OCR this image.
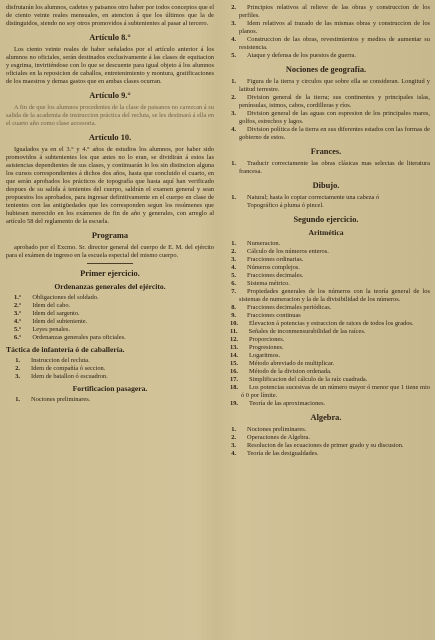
disfrutarán los alumnos, cadetes y paisanos otro haber por todos conceptos que el de ciento veinte reales mensuales, en atencion á que los últimos que la de distinguidos, siendo no soy otros promovidos á subtenientes al pasar al tercero.

Artículo 8.°

Los ciento veinte reales de haber señalados por el artículo anterior á los alumnos no oficiales, serán destinados exclusivamente á las clases de equitacion y esgrima, invirtiéndose con lo que se descuente para igual objeto á los alumnos oficiales en la reposicion de caballos, entretenimiento y montura, gratificaciones de los maestros y demas gastos que en ambas clases ocurran.

Artículo 9.°

A fin de que los alumnos procedentes de la clase de paisanos no carezcan á su salida de la academia de instruccion práctica del recluta, se les destinará á ella en el cuarto año como clase accesoria.

Artículo 10.

Igualados ya en el 3.° y 4.° años de estudios los alumnos, por haber sido promovidos á subtenientes los que antes no lo eran, se dividirán á estos las asistencias dependientes de sus clases, y continuarán lo los sin distincion alguna los cursos correspondientes á dichos dos años, hasta que concluido el cuarto, en que serán aprobados los prácticos de topografía que hasta aquí han verificado despues de su salida á tenientes del cuerpo, saldrán el examen general y sean propuestos los aprobados, para ingresar definitivamente en el cuerpo en clase de tenientes con las antigüedades que les corresponden segun los resúmenes que hubiesen merecido en los exámenes de fin de año y generales, con arreglo al artículo 58 del reglamento de la escuela.

Programa

aprobado por el Excmo. Sr. director general del cuerpo de E. M. del ejército para el exámen de ingreso en la escuela especial del mismo cuerpo.

Primer ejercicio.
Ordenanzas generales del ejército.

1.°	Obligaciones del soldado.

2.°	Idem del cabo.

3.°	Idem del sargento.

4.°	Idem del subteniente.

5.°	Leyes penales.

6.°	Ordenanzas generales para oficiales.

Táctica de infantería ó de caballería.

1.	Instruccion del recluta.

2.	Idem de compañía ó seccion.

3.	Idem de batallon ó escuadron.

Fortificacion pasagera.

1.	Nociones preliminares.

2.	Principios relativos al relieve de las obras y construccion de los perfiles.

3.	Idem relativos al trazado de las mismas obras y construccion de los planos.

4.	Construccion de las obras, revestimientos y medios de aumentar su resistencia.

5.	Ataque y defensa de los puestos de guerra.

Nociones de geografía.

1.	Figura de la tierra y circulos que sobre ella se consideran. Longitud y latitud terrestre.

2.	Division general de la tierra; sus continentes y principales islas, penínsulas, istmos, cabos, cordilleras y ríos.

3.	Division general de las aguas con espresion de los principales mares, golfos, estrechos y lagos.

4.	Division política de la tierra en sus diferentes estados con las formas de gobierno de estos.

Frances.

1.	Traducir correctamente las obras clásicas mas selectas de literatura francesa.

Dibujo.

1.	Natural; hasta lo copiar correctamente una cabeza ó

Topográfico á pluma ó pincel.

Segundo ejercicio.
Aritmética

1.	Numeracion.

2.	Cálculo de los números enteros.

3.	Fracciones ordinarias.

4.	Números complejos.

5.	Fracciones decimales.

6.	Sistema métrico.

7.	Propiedades generales de los números con la teoría general de los sistemas de numeracion y la de la divisibilidad de los números.

8.	Fracciones decimales periódicas.

9.	Fracciones continuas

10.	Elevacion á potencias y estraccion de raices de todos los grados.

11.	Señales de inconmensurabilidad de las raíces.

12.	Proporciones.

13.	Progresiones.

14.	Logaritmos.

15.	Método abreviado de multiplicar.

16.	Método de la division ordenada.

17.	Simplificacion del cálculo de la raíz cuadrada.

18.	Los potencias sucesivas de un número mayor ó menor que 1 tiene mio ó 0 por límite.

19.	Teoría de las aproximaciones.

Algebra.

1.	Nociones preliminares.

2.	Operaciones de Algebra.

3.	Resolucion de las ecuaciones de primer grado y su discusion.

4.	Teoría de las desigualdades.
